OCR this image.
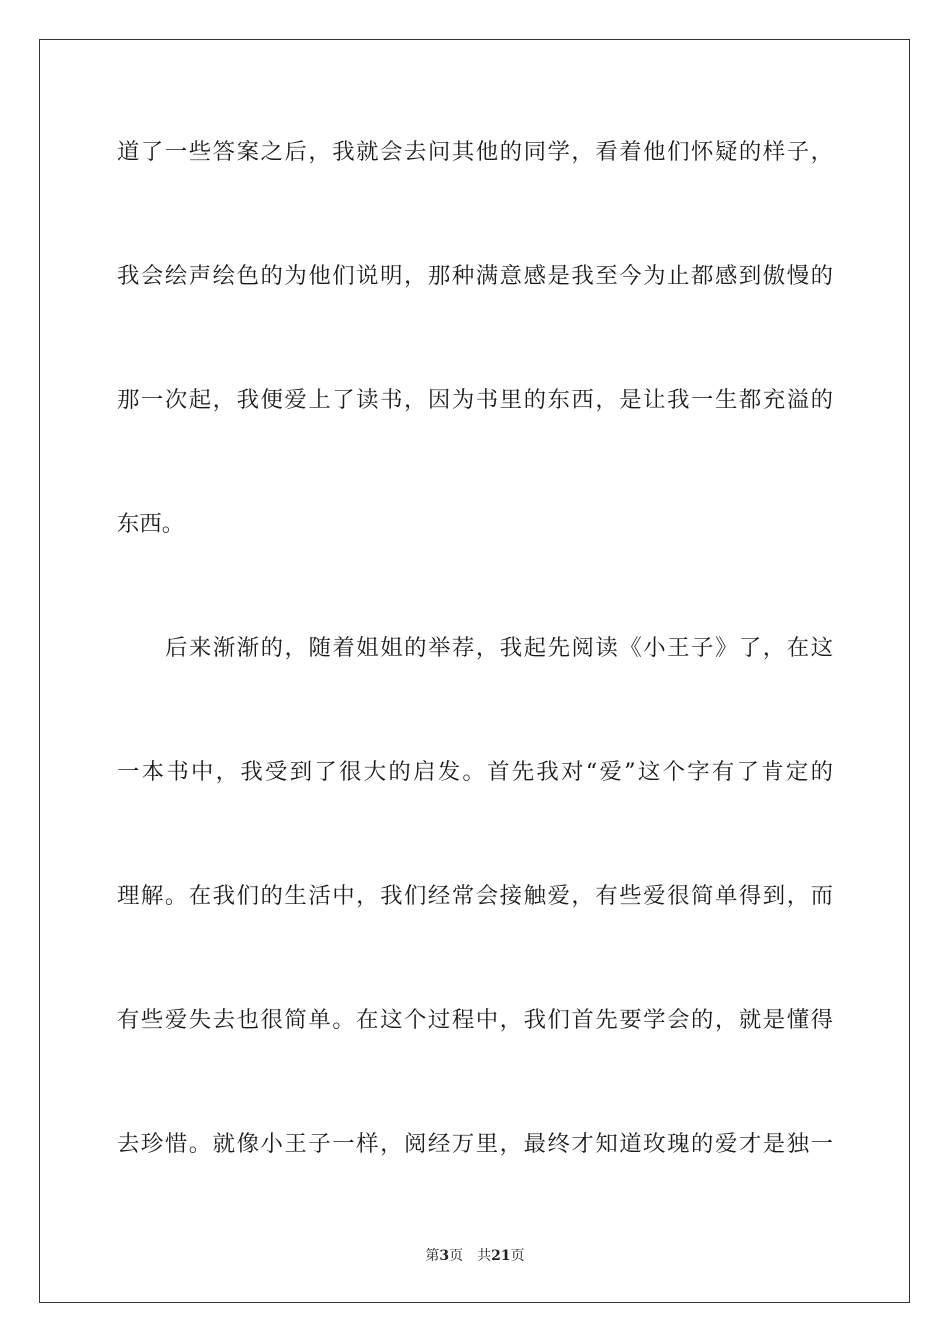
道了一些答案之后，我就会去问其他的同学，看着他们怀疑的样子，
我会绘声绘色的为他们说明，那种满意感是我至今为止都感到傲慢的
那一次起，我便爱上了读书，因为书里的东西，是让我一生都充溢的
东西。
后来渐渐的，随着姐姐的举荐，我起先阅读《小王子》了，在这
一本书中，我受到了很大的启发。首先我对“爱”这个字有了肯定的
理解。在我们的生活中，我们经常会接触爱，有些爱很简单得到，而
有些爱失去也很简单。在这个过程中，我们首先要学会的，就是懂得
去珍惜。就像小王子一样，阅经万里，最终才知道玫瑰的爱才是独一
第3页 共21页
